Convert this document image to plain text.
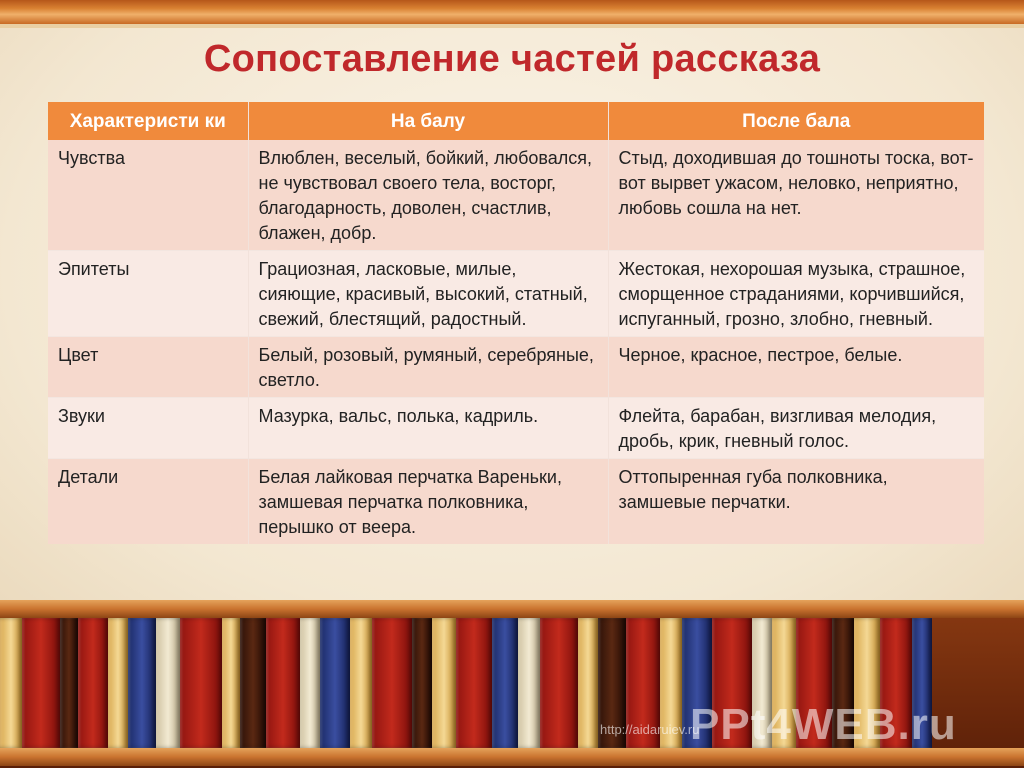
Сопоставление частей рассказа
Характеристи ки	На балу	После бала
Чувства	Влюблен, веселый, бойкий, любовался, не чувствовал своего тела, восторг, благодарность, доволен, счастлив, блажен, добр.	Стыд, доходившая до тошноты тоска, вот-вот вырвет ужасом, неловко, неприятно, любовь сошла на нет.
Эпитеты	Грациозная, ласковые, милые, сияющие, красивый, высокий, статный, свежий, блестящий, радостный.	Жестокая, нехорошая музыка, страшное, сморщенное страданиями, корчившийся, испуганный, грозно, злобно, гневный.
Цвет	Белый, розовый, румяный, серебряные, светло.	Черное, красное, пестрое, белые.
Звуки	Мазурка, вальс, полька, кадриль.	Флейта, барабан, визгливая мелодия, дробь, крик, гневный голос.
Детали	Белая лайковая перчатка Вареньки, замшевая перчатка полковника, перышко от веера.	Оттопыренная губа полковника, замшевые перчатки.
http://aidaruiev.ru
PPt4WEB.ru
